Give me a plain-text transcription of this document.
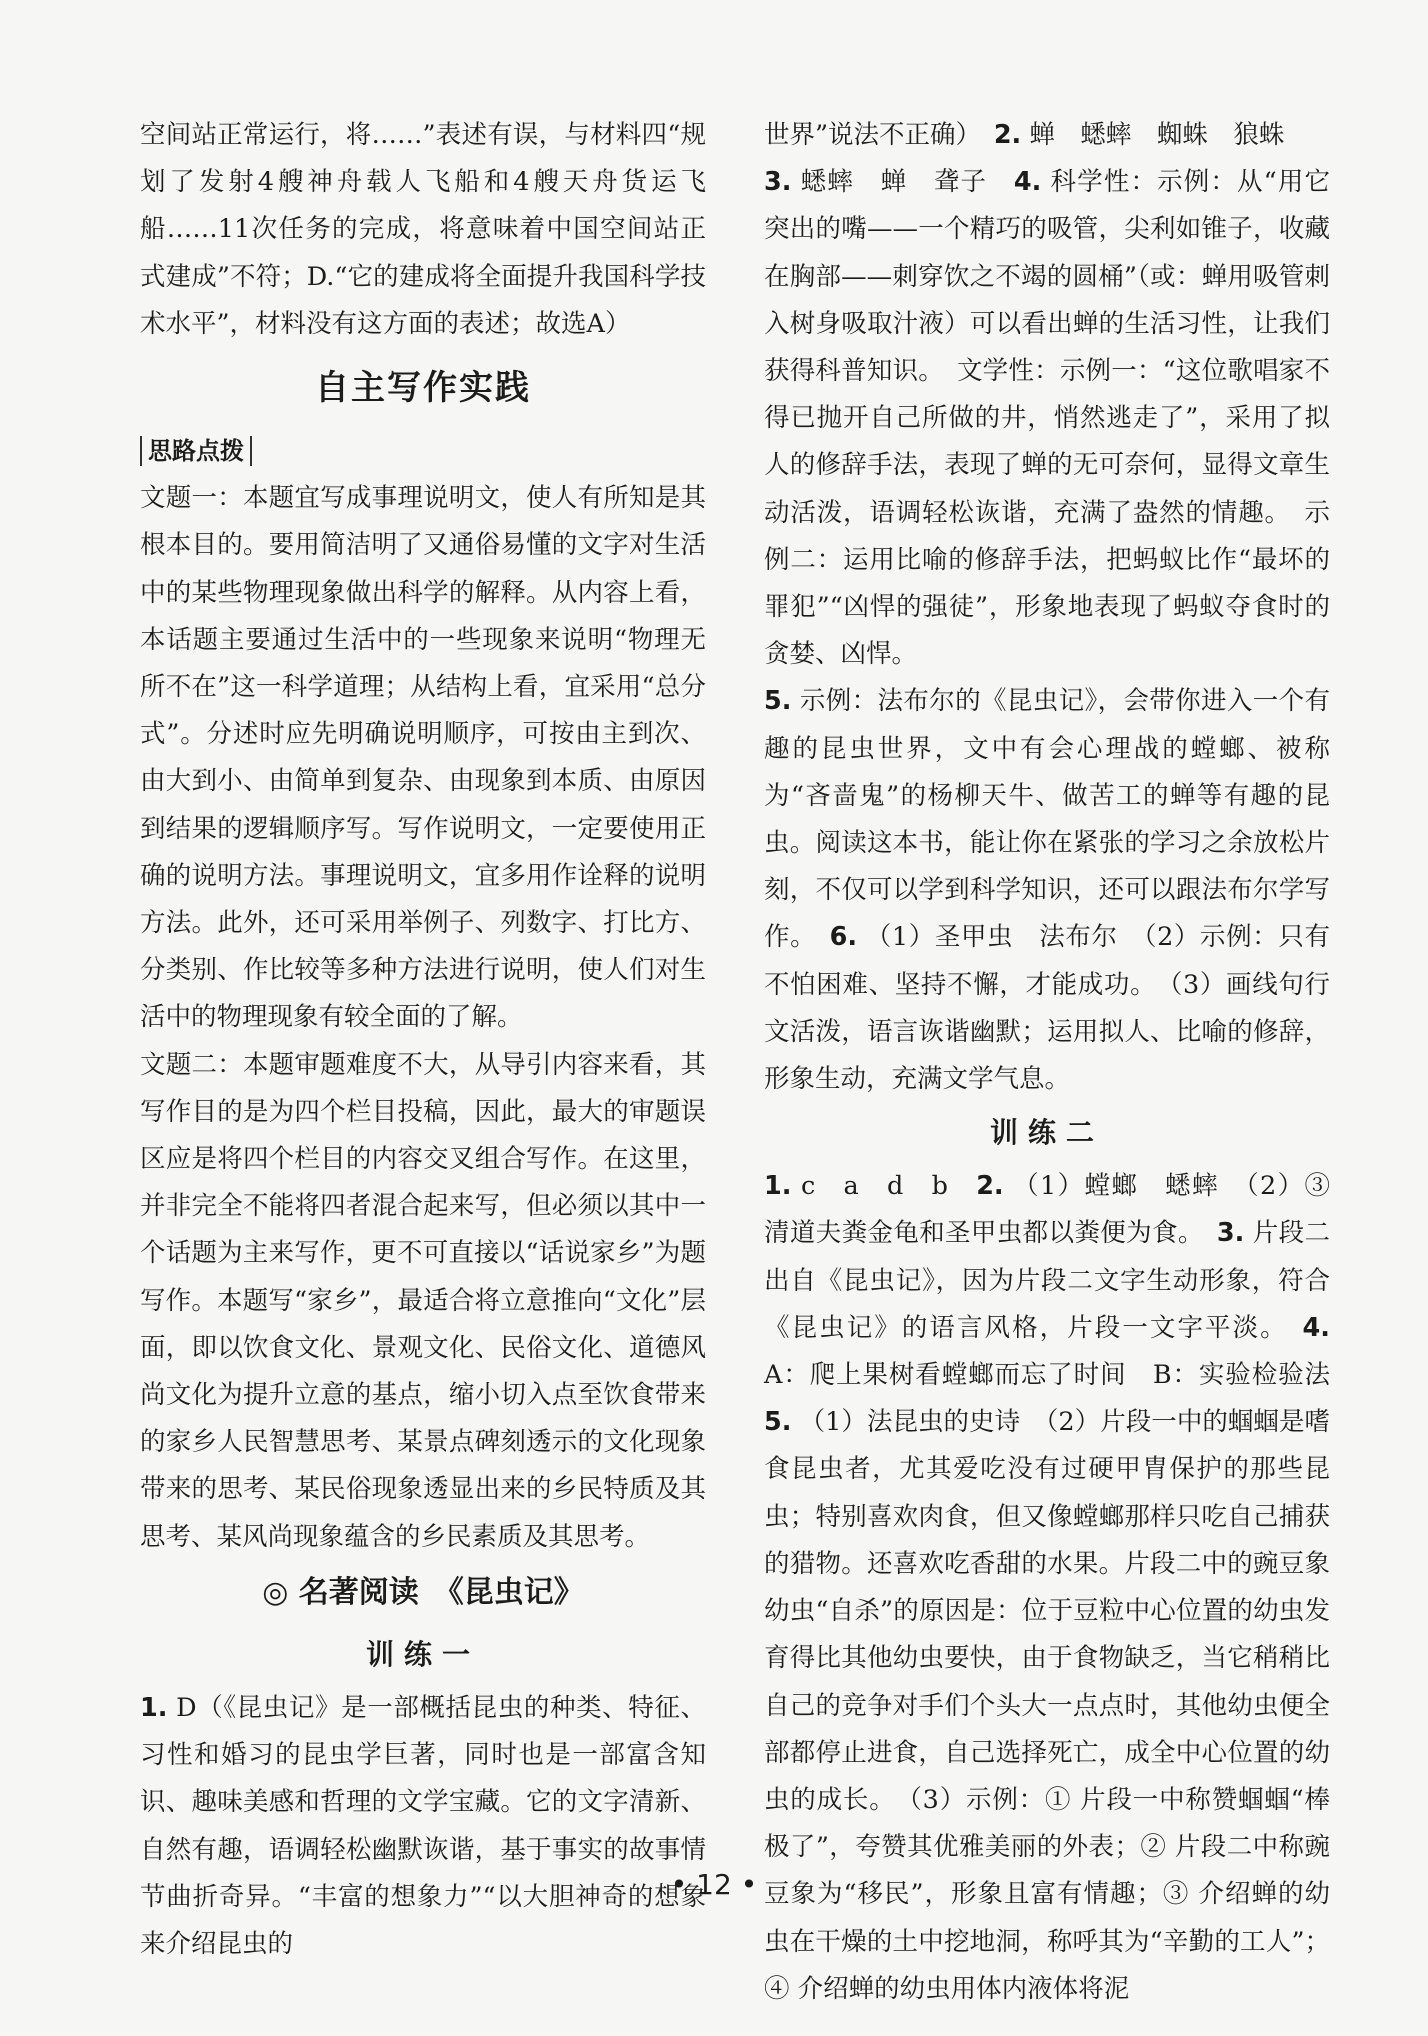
空间站正常运行，将……”表述有误，与材料四“规划了发射4艘神舟载人飞船和4艘天舟货运飞船……11次任务的完成，将意味着中国空间站正式建成”不符；D.“它的建成将全面提升我国科学技术水平”，材料没有这方面的表述；故选A）

自主写作实践
思路点拨

文题一：本题宜写成事理说明文，使人有所知是其根本目的。要用简洁明了又通俗易懂的文字对生活中的某些物理现象做出科学的解释。从内容上看，本话题主要通过生活中的一些现象来说明“物理无所不在”这一科学道理；从结构上看，宜采用“总分式”。分述时应先明确说明顺序，可按由主到次、由大到小、由简单到复杂、由现象到本质、由原因到结果的逻辑顺序写。写作说明文，一定要使用正确的说明方法。事理说明文，宜多用作诠释的说明方法。此外，还可采用举例子、列数字、打比方、分类别、作比较等多种方法进行说明，使人们对生活中的物理现象有较全面的了解。

文题二：本题审题难度不大，从导引内容来看，其写作目的是为四个栏目投稿，因此，最大的审题误区应是将四个栏目的内容交叉组合写作。在这里，并非完全不能将四者混合起来写，但必须以其中一个话题为主来写作，更不可直接以“话说家乡”为题写作。本题写“家乡”，最适合将立意推向“文化”层面，即以饮食文化、景观文化、民俗文化、道德风尚文化为提升立意的基点，缩小切入点至饮食带来的家乡人民智慧思考、某景点碑刻透示的文化现象带来的思考、某民俗现象透显出来的乡民特质及其思考、某风尚现象蕴含的乡民素质及其思考。

◎ 名著阅读　《昆虫记》
训练一

1. D（《昆虫记》是一部概括昆虫的种类、特征、习性和婚习的昆虫学巨著，同时也是一部富含知识、趣味美感和哲理的文学宝藏。它的文字清新、自然有趣，语调轻松幽默诙谐，基于事实的故事情节曲折奇异。“丰富的想象力”“以大胆神奇的想象来介绍昆虫的

世界”说法不正确）　 2. 蝉　蟋蟀　蜘蛛　狼蛛

3. 蟋蟀　蝉　聋子　 4. 科学性：示例：从“用它突出的嘴——一个精巧的吸管，尖利如锥子，收藏在胸部——刺穿饮之不竭的圆桶”（或：蝉用吸管刺入树身吸取汁液）可以看出蝉的生活习性，让我们获得科普知识。　文学性：示例一：“这位歌唱家不得已抛开自己所做的井，悄然逃走了”，采用了拟人的修辞手法，表现了蝉的无可奈何，显得文章生动活泼，语调轻松诙谐，充满了盎然的情趣。　示例二：运用比喻的修辞手法，把蚂蚁比作“最坏的罪犯”“凶悍的强徒”，形象地表现了蚂蚁夺食时的贪婪、凶悍。

5. 示例：法布尔的《昆虫记》，会带你进入一个有趣的昆虫世界，文中有会心理战的螳螂、被称为“吝啬鬼”的杨柳天牛、做苦工的蝉等有趣的昆虫。阅读这本书，能让你在紧张的学习之余放松片刻，不仅可以学到科学知识，还可以跟法布尔学写作。　 6. （1）圣甲虫　法布尔　（2）示例：只有不怕困难、坚持不懈，才能成功。　（3）画线句行文活泼，语言诙谐幽默；运用拟人、比喻的修辞，形象生动，充满文学气息。

训练二

1. c　a　d　b　 2. （1）螳螂　蟋蟀　（2）③ 清道夫粪金龟和圣甲虫都以粪便为食。　 3. 片段二出自《昆虫记》，因为片段二文字生动形象，符合《昆虫记》的语言风格，片段一文字平淡。　 4. A：爬上果树看螳螂而忘了时间　B：实验检验法　5. （1）法昆虫的史诗　（2）片段一中的蝈蝈是嗜食昆虫者，尤其爱吃没有过硬甲胄保护的那些昆虫；特别喜欢肉食，但又像螳螂那样只吃自己捕获的猎物。还喜欢吃香甜的水果。片段二中的豌豆象幼虫“自杀”的原因是：位于豆粒中心位置的幼虫发育得比其他幼虫要快，由于食物缺乏，当它稍稍比自己的竞争对手们个头大一点点时，其他幼虫便全部都停止进食，自己选择死亡，成全中心位置的幼虫的成长。　（3）示例：① 片段一中称赞蝈蝈“棒极了”，夸赞其优雅美丽的外表；② 片段二中称豌豆象为“移民”，形象且富有情趣；③ 介绍蝉的幼虫在干燥的土中挖地洞，称呼其为“辛勤的工人”；④ 介绍蝉的幼虫用体内液体将泥

• 12 •
